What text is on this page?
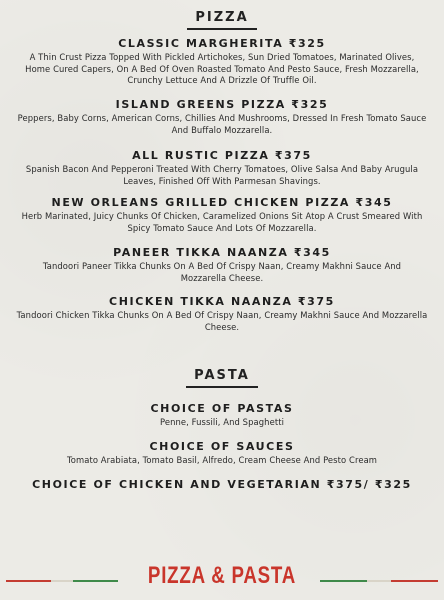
PIZZA
CLASSIC MARGHERITA ₹325
A Thin Crust Pizza Topped With Pickled Artichokes, Sun Dried Tomatoes, Marinated Olives, Home Cured Capers, On A Bed Of Oven Roasted Tomato And Pesto Sauce, Fresh Mozzarella, Crunchy Lettuce And A Drizzle Of Truffle Oil.
ISLAND GREENS PIZZA ₹325
Peppers, Baby Corns, American Corns, Chillies And Mushrooms, Dressed In Fresh Tomato Sauce And Buffalo Mozzarella.
ALL RUSTIC PIZZA ₹375
Spanish Bacon And Pepperoni Treated With Cherry Tomatoes, Olive Salsa And Baby Arugula Leaves, Finished Off With Parmesan Shavings.
NEW ORLEANS GRILLED CHICKEN PIZZA ₹345
Herb Marinated, Juicy Chunks Of Chicken, Caramelized Onions Sit Atop A Crust Smeared With Spicy Tomato Sauce And Lots Of Mozzarella.
PANEER TIKKA NAANZA ₹345
Tandoori Paneer Tikka Chunks On A Bed Of Crispy Naan, Creamy Makhni Sauce And Mozzarella Cheese.
CHICKEN TIKKA NAANZA ₹375
Tandoori Chicken Tikka Chunks On A Bed Of Crispy Naan, Creamy Makhni Sauce And Mozzarella Cheese.
PASTA
CHOICE OF PASTAS
Penne, Fussili, And Spaghetti
CHOICE OF SAUCES
Tomato Arabiata, Tomato Basil, Alfredo, Cream Cheese And Pesto Cream
CHOICE OF CHICKEN AND VEGETARIAN ₹375/ ₹325
PIZZA & PASTA
